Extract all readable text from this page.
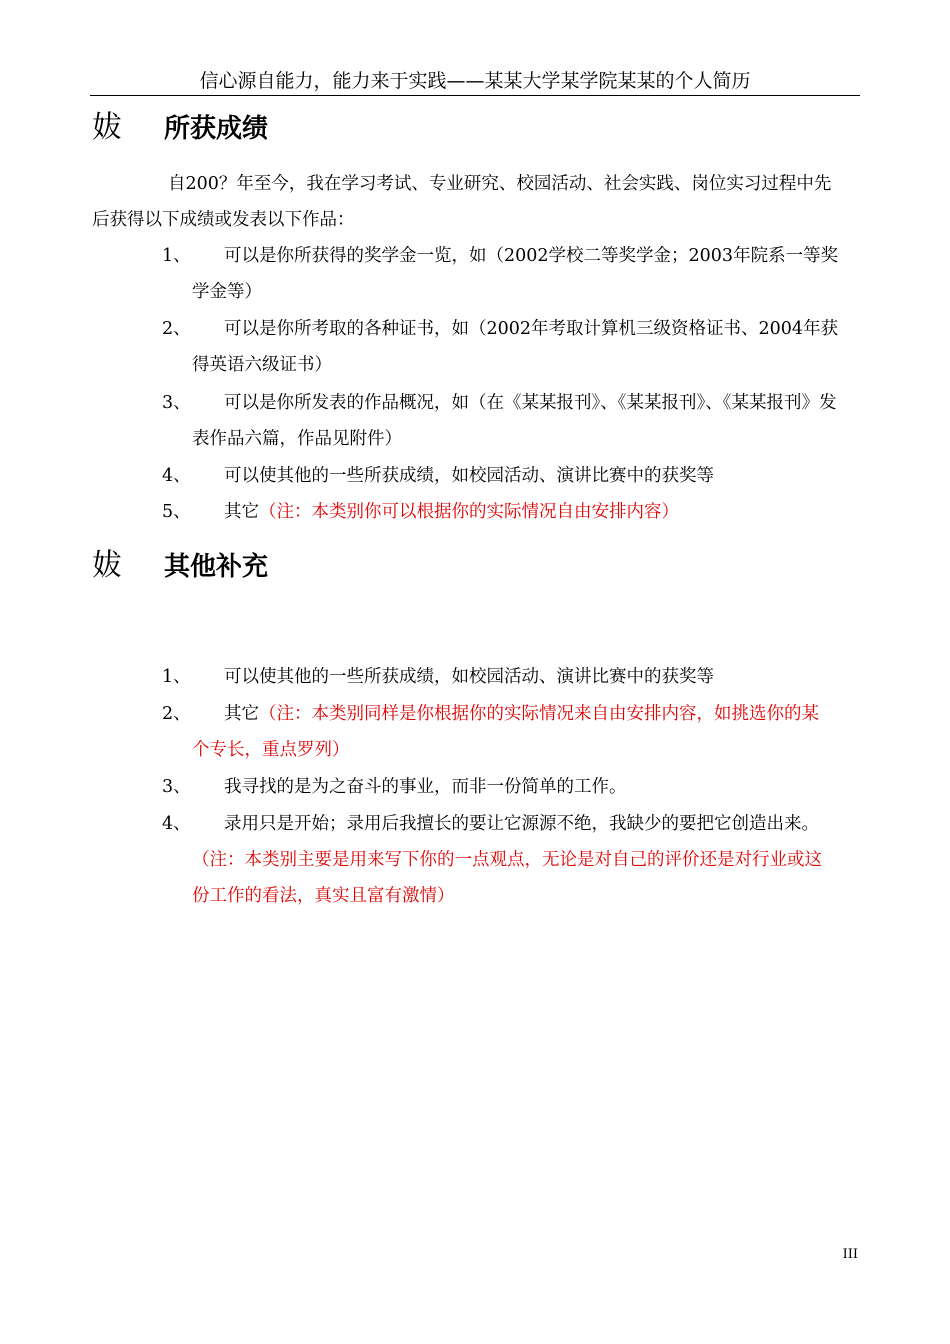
信心源自能力，能力来于实践——某某大学某学院某某的个人简历
妭 所获成绩
自200？年至今，我在学习考试、专业研究、校园活动、社会实践、岗位实习过程中先
后获得以下成绩或发表以下作品：
1、 可以是你所获得的奖学金一览，如（2002学校二等奖学金；2003年院系一等奖
学金等）
2、 可以是你所考取的各种证书，如（2002年考取计算机三级资格证书、2004年获
得英语六级证书）
3、 可以是你所发表的作品概况，如（在《某某报刊》、《某某报刊》、《某某报刊》发
表作品六篇，作品见附件）
4、 可以使其他的一些所获成绩，如校园活动、演讲比赛中的获奖等
5、 其它（注：本类别你可以根据你的实际情况自由安排内容）
妭 其他补充
1、 可以使其他的一些所获成绩，如校园活动、演讲比赛中的获奖等
2、 其它（注：本类别同样是你根据你的实际情况来自由安排内容，如挑选你的某
个专长，重点罗列）
3、 我寻找的是为之奋斗的事业，而非一份简单的工作。
4、 录用只是开始；录用后我擅长的要让它源源不绝，我缺少的要把它创造出来。
（注：本类别主要是用来写下你的一点观点，无论是对自己的评价还是对行业或这
份工作的看法，真实且富有激情）
III
